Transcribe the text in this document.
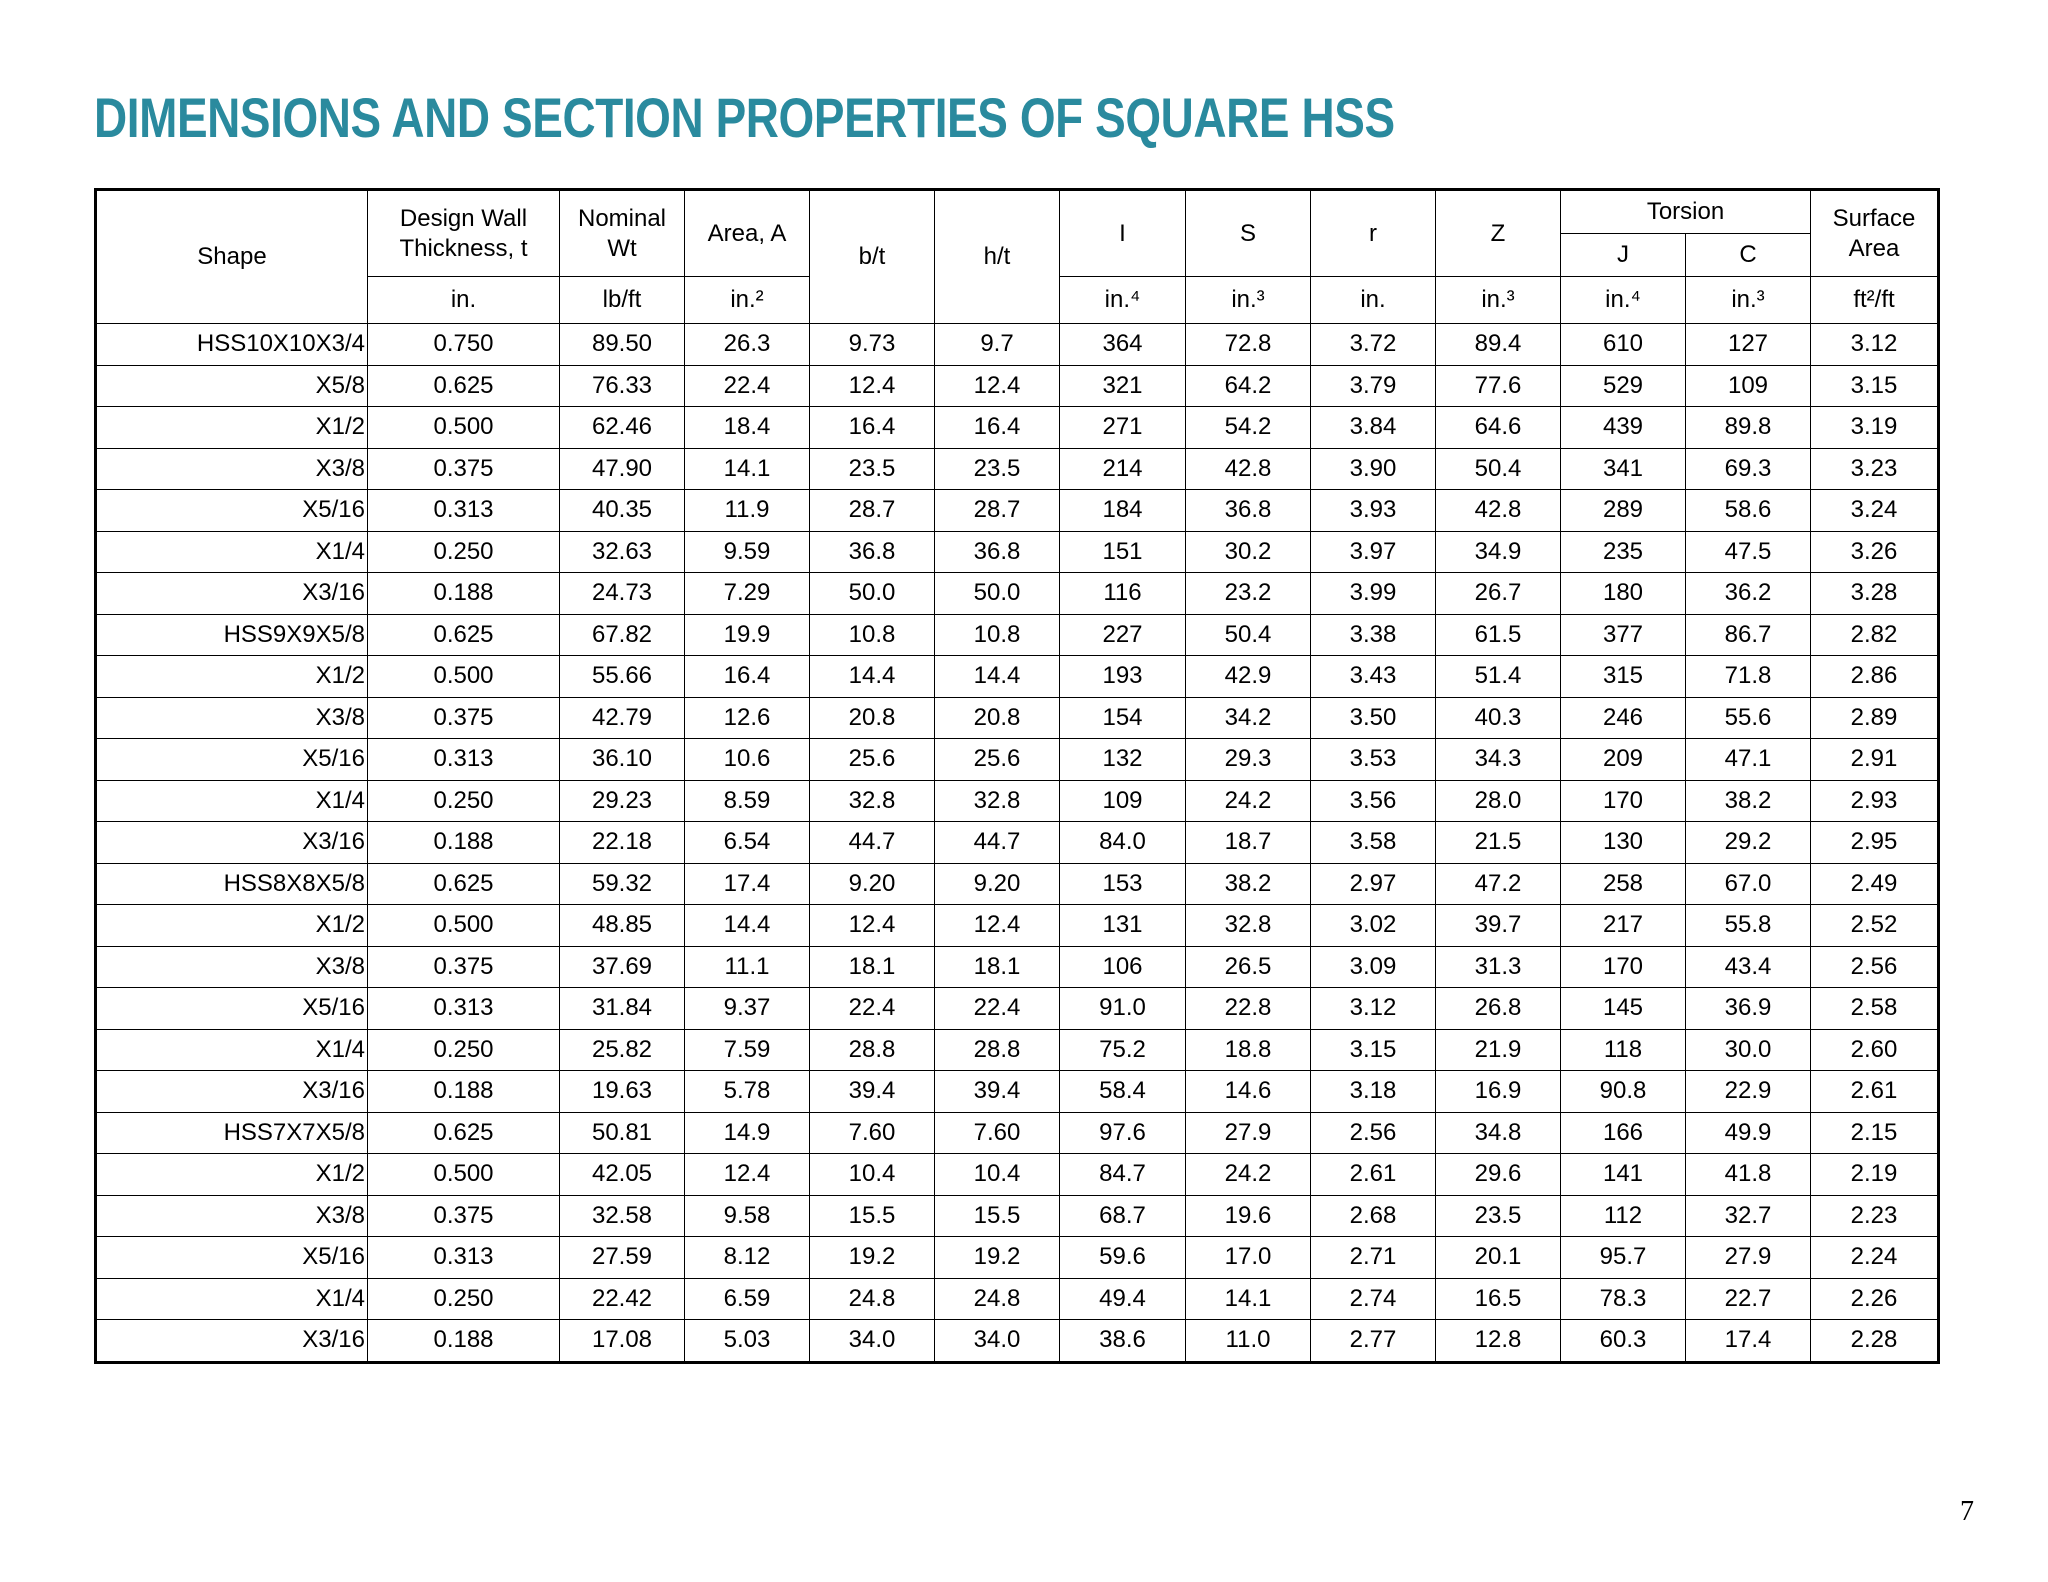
DIMENSIONS AND SECTION PROPERTIES OF SQUARE HSS
Shape	Design Wall Thickness, t	Nominal Wt	Area, A	b/t	h/t	I	S	r	Z	Torsion		Surface Area
										J	C	
	in.	lb/ft	in.²			in.⁴	in.³	in.	in.³	in.⁴	in.³	ft²/ft
HSS10X10X3/4	0.750	89.50	26.3	9.73	9.7	364	72.8	3.72	89.4	610	127	3.12
X5/8	0.625	76.33	22.4	12.4	12.4	321	64.2	3.79	77.6	529	109	3.15
X1/2	0.500	62.46	18.4	16.4	16.4	271	54.2	3.84	64.6	439	89.8	3.19
X3/8	0.375	47.90	14.1	23.5	23.5	214	42.8	3.90	50.4	341	69.3	3.23
X5/16	0.313	40.35	11.9	28.7	28.7	184	36.8	3.93	42.8	289	58.6	3.24
X1/4	0.250	32.63	9.59	36.8	36.8	151	30.2	3.97	34.9	235	47.5	3.26
X3/16	0.188	24.73	7.29	50.0	50.0	116	23.2	3.99	26.7	180	36.2	3.28
HSS9X9X5/8	0.625	67.82	19.9	10.8	10.8	227	50.4	3.38	61.5	377	86.7	2.82
X1/2	0.500	55.66	16.4	14.4	14.4	193	42.9	3.43	51.4	315	71.8	2.86
X3/8	0.375	42.79	12.6	20.8	20.8	154	34.2	3.50	40.3	246	55.6	2.89
X5/16	0.313	36.10	10.6	25.6	25.6	132	29.3	3.53	34.3	209	47.1	2.91
X1/4	0.250	29.23	8.59	32.8	32.8	109	24.2	3.56	28.0	170	38.2	2.93
X3/16	0.188	22.18	6.54	44.7	44.7	84.0	18.7	3.58	21.5	130	29.2	2.95
HSS8X8X5/8	0.625	59.32	17.4	9.20	9.20	153	38.2	2.97	47.2	258	67.0	2.49
X1/2	0.500	48.85	14.4	12.4	12.4	131	32.8	3.02	39.7	217	55.8	2.52
X3/8	0.375	37.69	11.1	18.1	18.1	106	26.5	3.09	31.3	170	43.4	2.56
X5/16	0.313	31.84	9.37	22.4	22.4	91.0	22.8	3.12	26.8	145	36.9	2.58
X1/4	0.250	25.82	7.59	28.8	28.8	75.2	18.8	3.15	21.9	118	30.0	2.60
X3/16	0.188	19.63	5.78	39.4	39.4	58.4	14.6	3.18	16.9	90.8	22.9	2.61
HSS7X7X5/8	0.625	50.81	14.9	7.60	7.60	97.6	27.9	2.56	34.8	166	49.9	2.15
X1/2	0.500	42.05	12.4	10.4	10.4	84.7	24.2	2.61	29.6	141	41.8	2.19
X3/8	0.375	32.58	9.58	15.5	15.5	68.7	19.6	2.68	23.5	112	32.7	2.23
X5/16	0.313	27.59	8.12	19.2	19.2	59.6	17.0	2.71	20.1	95.7	27.9	2.24
X1/4	0.250	22.42	6.59	24.8	24.8	49.4	14.1	2.74	16.5	78.3	22.7	2.26
X3/16	0.188	17.08	5.03	34.0	34.0	38.6	11.0	2.77	12.8	60.3	17.4	2.28
7
